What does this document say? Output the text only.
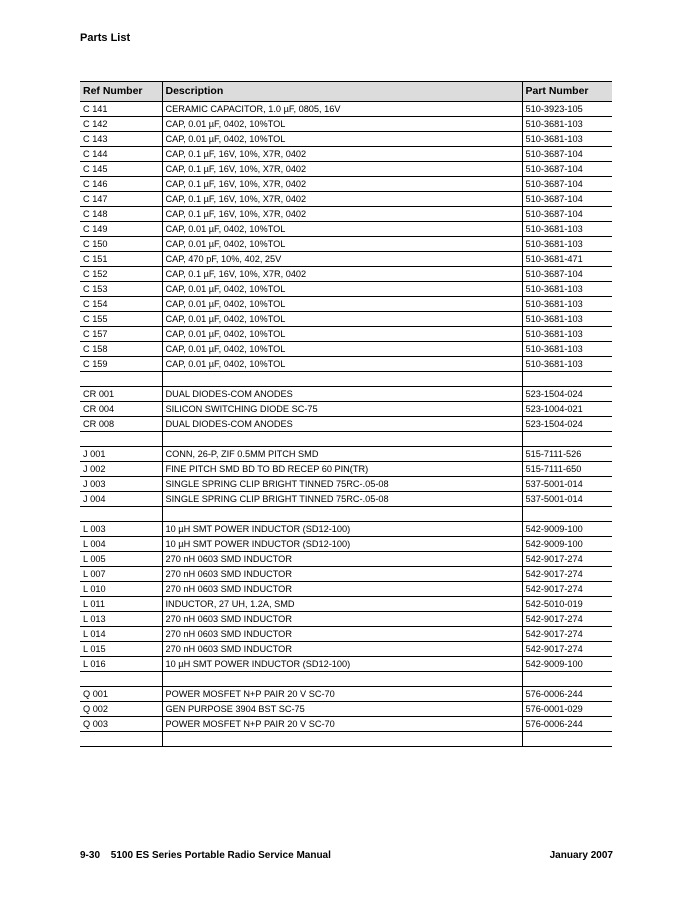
Parts List
Ref Number	Description	Part Number
C 141	CERAMIC CAPACITOR, 1.0 µF, 0805, 16V	510-3923-105
C 142	CAP, 0.01 µF, 0402, 10%TOL	510-3681-103
C 143	CAP, 0.01 µF, 0402, 10%TOL	510-3681-103
C 144	CAP, 0.1 µF, 16V, 10%, X7R, 0402	510-3687-104
C 145	CAP, 0.1 µF, 16V, 10%, X7R, 0402	510-3687-104
C 146	CAP, 0.1 µF, 16V, 10%, X7R, 0402	510-3687-104
C 147	CAP, 0.1 µF, 16V, 10%, X7R, 0402	510-3687-104
C 148	CAP, 0.1 µF, 16V, 10%, X7R, 0402	510-3687-104
C 149	CAP, 0.01 µF, 0402, 10%TOL	510-3681-103
C 150	CAP, 0.01 µF, 0402, 10%TOL	510-3681-103
C 151	CAP, 470 pF, 10%, 402, 25V	510-3681-471
C 152	CAP, 0.1 µF, 16V, 10%, X7R, 0402	510-3687-104
C 153	CAP, 0.01 µF, 0402, 10%TOL	510-3681-103
C 154	CAP, 0.01 µF, 0402, 10%TOL	510-3681-103
C 155	CAP, 0.01 µF, 0402, 10%TOL	510-3681-103
C 157	CAP, 0.01 µF, 0402, 10%TOL	510-3681-103
C 158	CAP, 0.01 µF, 0402, 10%TOL	510-3681-103
C 159	CAP, 0.01 µF, 0402, 10%TOL	510-3681-103

CR 001	DUAL DIODES-COM ANODES	523-1504-024
CR 004	SILICON SWITCHING DIODE SC-75	523-1004-021
CR 008	DUAL DIODES-COM ANODES	523-1504-024

J 001	CONN, 26-P, ZIF 0.5MM PITCH SMD	515-7111-526
J 002	FINE PITCH SMD BD TO BD RECEP 60 PIN(TR)	515-7111-650
J 003	SINGLE SPRING CLIP BRIGHT TINNED 75RC-.05-08	537-5001-014
J 004	SINGLE SPRING CLIP BRIGHT TINNED 75RC-.05-08	537-5001-014

L 003	10 µH SMT POWER INDUCTOR (SD12-100)	542-9009-100
L 004	10 µH SMT POWER INDUCTOR (SD12-100)	542-9009-100
L 005	270 nH 0603 SMD INDUCTOR	542-9017-274
L 007	270 nH 0603 SMD INDUCTOR	542-9017-274
L 010	270 nH 0603 SMD INDUCTOR	542-9017-274
L 011	INDUCTOR, 27 UH, 1.2A, SMD	542-5010-019
L 013	270 nH 0603 SMD INDUCTOR	542-9017-274
L 014	270 nH 0603 SMD INDUCTOR	542-9017-274
L 015	270 nH 0603 SMD INDUCTOR	542-9017-274
L 016	10 µH SMT POWER INDUCTOR (SD12-100)	542-9009-100

Q 001	POWER MOSFET N+P PAIR 20 V SC-70	576-0006-244
Q 002	GEN PURPOSE 3904 BST SC-75	576-0001-029
Q 003	POWER MOSFET N+P PAIR 20 V SC-70	576-0006-244

9-30 5100 ES Series Portable Radio Service Manual	January 2007
